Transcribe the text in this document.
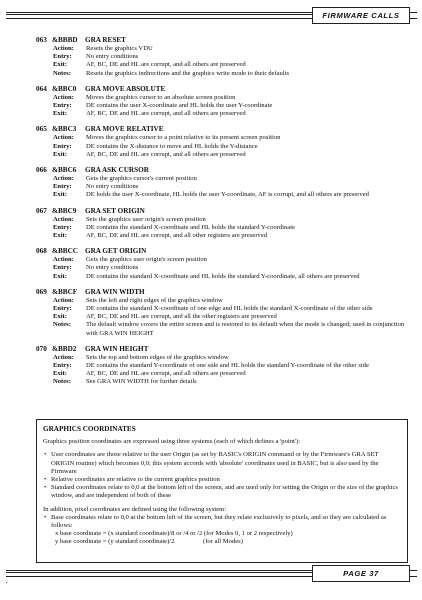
FIRMWARE CALLS
063 &BBBD GRA RESET
Action:	Resets the graphics VDU
Entry:	No entry conditions
Exit:	AF, BC, DE and HL are corrupt, and all others are preserved
Notes:	Resets the graphics indirections and the graphics write mode to their defaults
064 &BBC0 GRA MOVE ABSOLUTE
Action:	Moves the graphics cursor to an absolute screen position
Entry:	DE contains the user X-coordinate and HL holds the user Y-coordinate
Exit:	AF, BC, DE and HL are corrupt, and all others are preserved
065 &BBC3 GRA MOVE RELATIVE
Action:	Moves the graphics cursor to a point relative to its present screen position
Entry:	DE contains the X-distance to move and HL holds the Y-distance
Exit:	AF, BC, DE and HL are corrupt, and all others are preserved
066 &BBC6 GRA ASK CURSOR
Action:	Gets the graphics cursor's current position
Entry:	No entry conditions
Exit:	DE holds the user X-coordinate, HL holds the user Y-coordinate, AF is corrupt, and all others are preserved
067 &BBC9 GRA SET ORIGIN
Action:	Sets the graphics user origin's screen position
Entry:	DE contains the standard X-coordinate and HL holds the standard Y-coordinate
Exit:	AF, BC, DE and HL are corrupt, and all other registers are preserved
068 &BBCC GRA GET ORIGIN
Action:	Gets the graphics user origin's screen position
Entry:	No entry conditions
Exit:	DE contains the standard X-coordinate and HL holds the standard Y-coordinate, all others are preserved
069 &BBCF GRA WIN WIDTH
Action:	Sets the left and right edges of the graphics window
Entry:	DE contains the standard X-coordinate of one edge and HL holds the standard X-coordinate of the other side
Exit:	AF, BC, DE and HL are corrupt, and all the other registers are preserved
Notes:	The default window covers the entire screen and is restored to its default when the mode is changed; used in conjunction with GRA WIN HEIGHT
070 &BBD2 GRA WIN HEIGHT
Action:	Sets the top and bottom edges of the graphics window
Entry:	DE contains the standard Y-coordinate of one side and HL holds the standard Y-coordinate of the other side
Exit:	AF, BC, DE and HL are corrupt, and all others are preserved
Notes:	See GRA WIN WIDTH for further details
GRAPHICS COORDINATES

Graphics position coordinates are expressed using three systems (each of which defines a 'point'):

• User coordinates are those relative to the user Origin (as set by BASIC's ORIGIN command or by the Firmware's GRA SET ORIGIN routine) which becomes 0,0; this system accords with 'absolute' coordinates used in BASIC, but is also used by the Firmware
• Relative coordinates are relative to the current graphics position
• Standard coordinates relate to 0,0 at the bottom left of the screen, and are used only for setting the Origin or the size of the graphics window, and are independent of both of these

In addition, pixel coordinates are defined using the following system:

• Base coordinates relate to 0,0 at the bottom left of the screen, but they relate exclusively to pixels, and so they are calculated as follows:
x base coordinate = (x standard coordinate)/8 or /4 or /2 (for Modes 0, 1 or 2 respectively)
y base coordinate = (y standard coordinate)/2	(for all Modes)
PAGE 37
